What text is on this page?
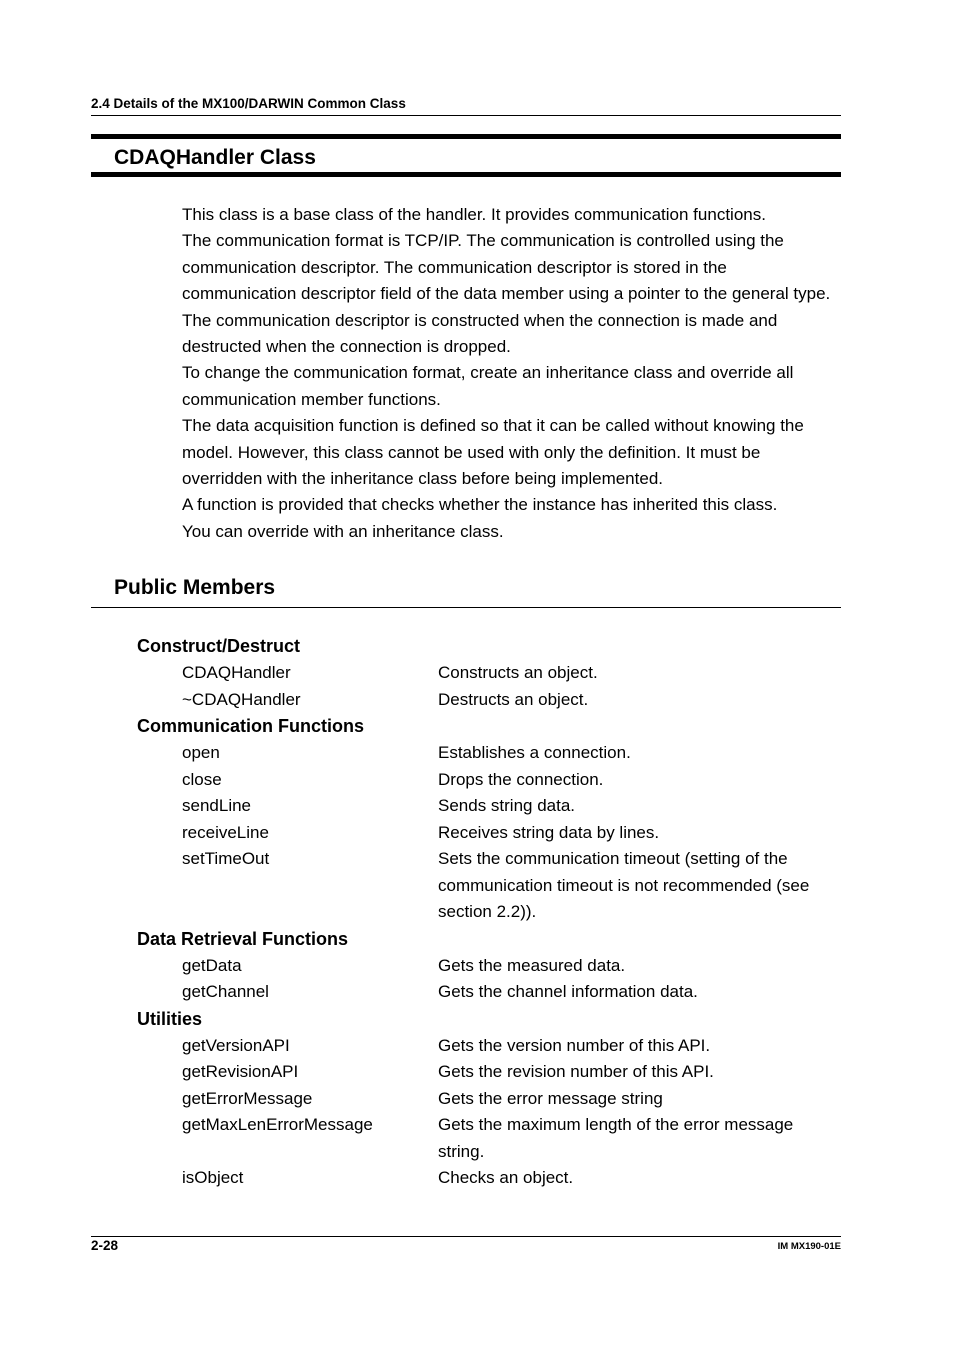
2.4 Details of the MX100/DARWIN Common Class
CDAQHandler Class

This class is a base class of the handler. It provides communication functions.

The communication format is TCP/IP. The communication is controlled using the communication descriptor. The communication descriptor is stored in the communication descriptor field of the data member using a pointer to the general type. The communication descriptor is constructed when the connection is made and destructed when the connection is dropped.

To change the communication format, create an inheritance class and override all communication member functions.

The data acquisition function is defined so that it can be called without knowing the model. However, this class cannot be used with only the definition. It must be overridden with the inheritance class before being implemented.

A function is provided that checks whether the instance has inherited this class.

You can override with an inheritance class.

Public Members
Construct/Destruct
CDAQHandler	Constructs an object.
~CDAQHandler	Destructs an object.
Communication Functions
open	Establishes a connection.
close	Drops the connection.
sendLine	Sends string data.
receiveLine	Receives string data by lines.
setTimeOut	Sets the communication timeout (setting of the communication timeout is not recommended (see section 2.2)).
Data Retrieval Functions
getData	Gets the measured data.
getChannel	Gets the channel information data.
Utilities
getVersionAPI	Gets the version number of this API.
getRevisionAPI	Gets the revision number of this API.
getErrorMessage	Gets the error message string
getMaxLenErrorMessage	Gets the maximum length of the error message string.
isObject	Checks an object.
2-28	IM MX190-01E
